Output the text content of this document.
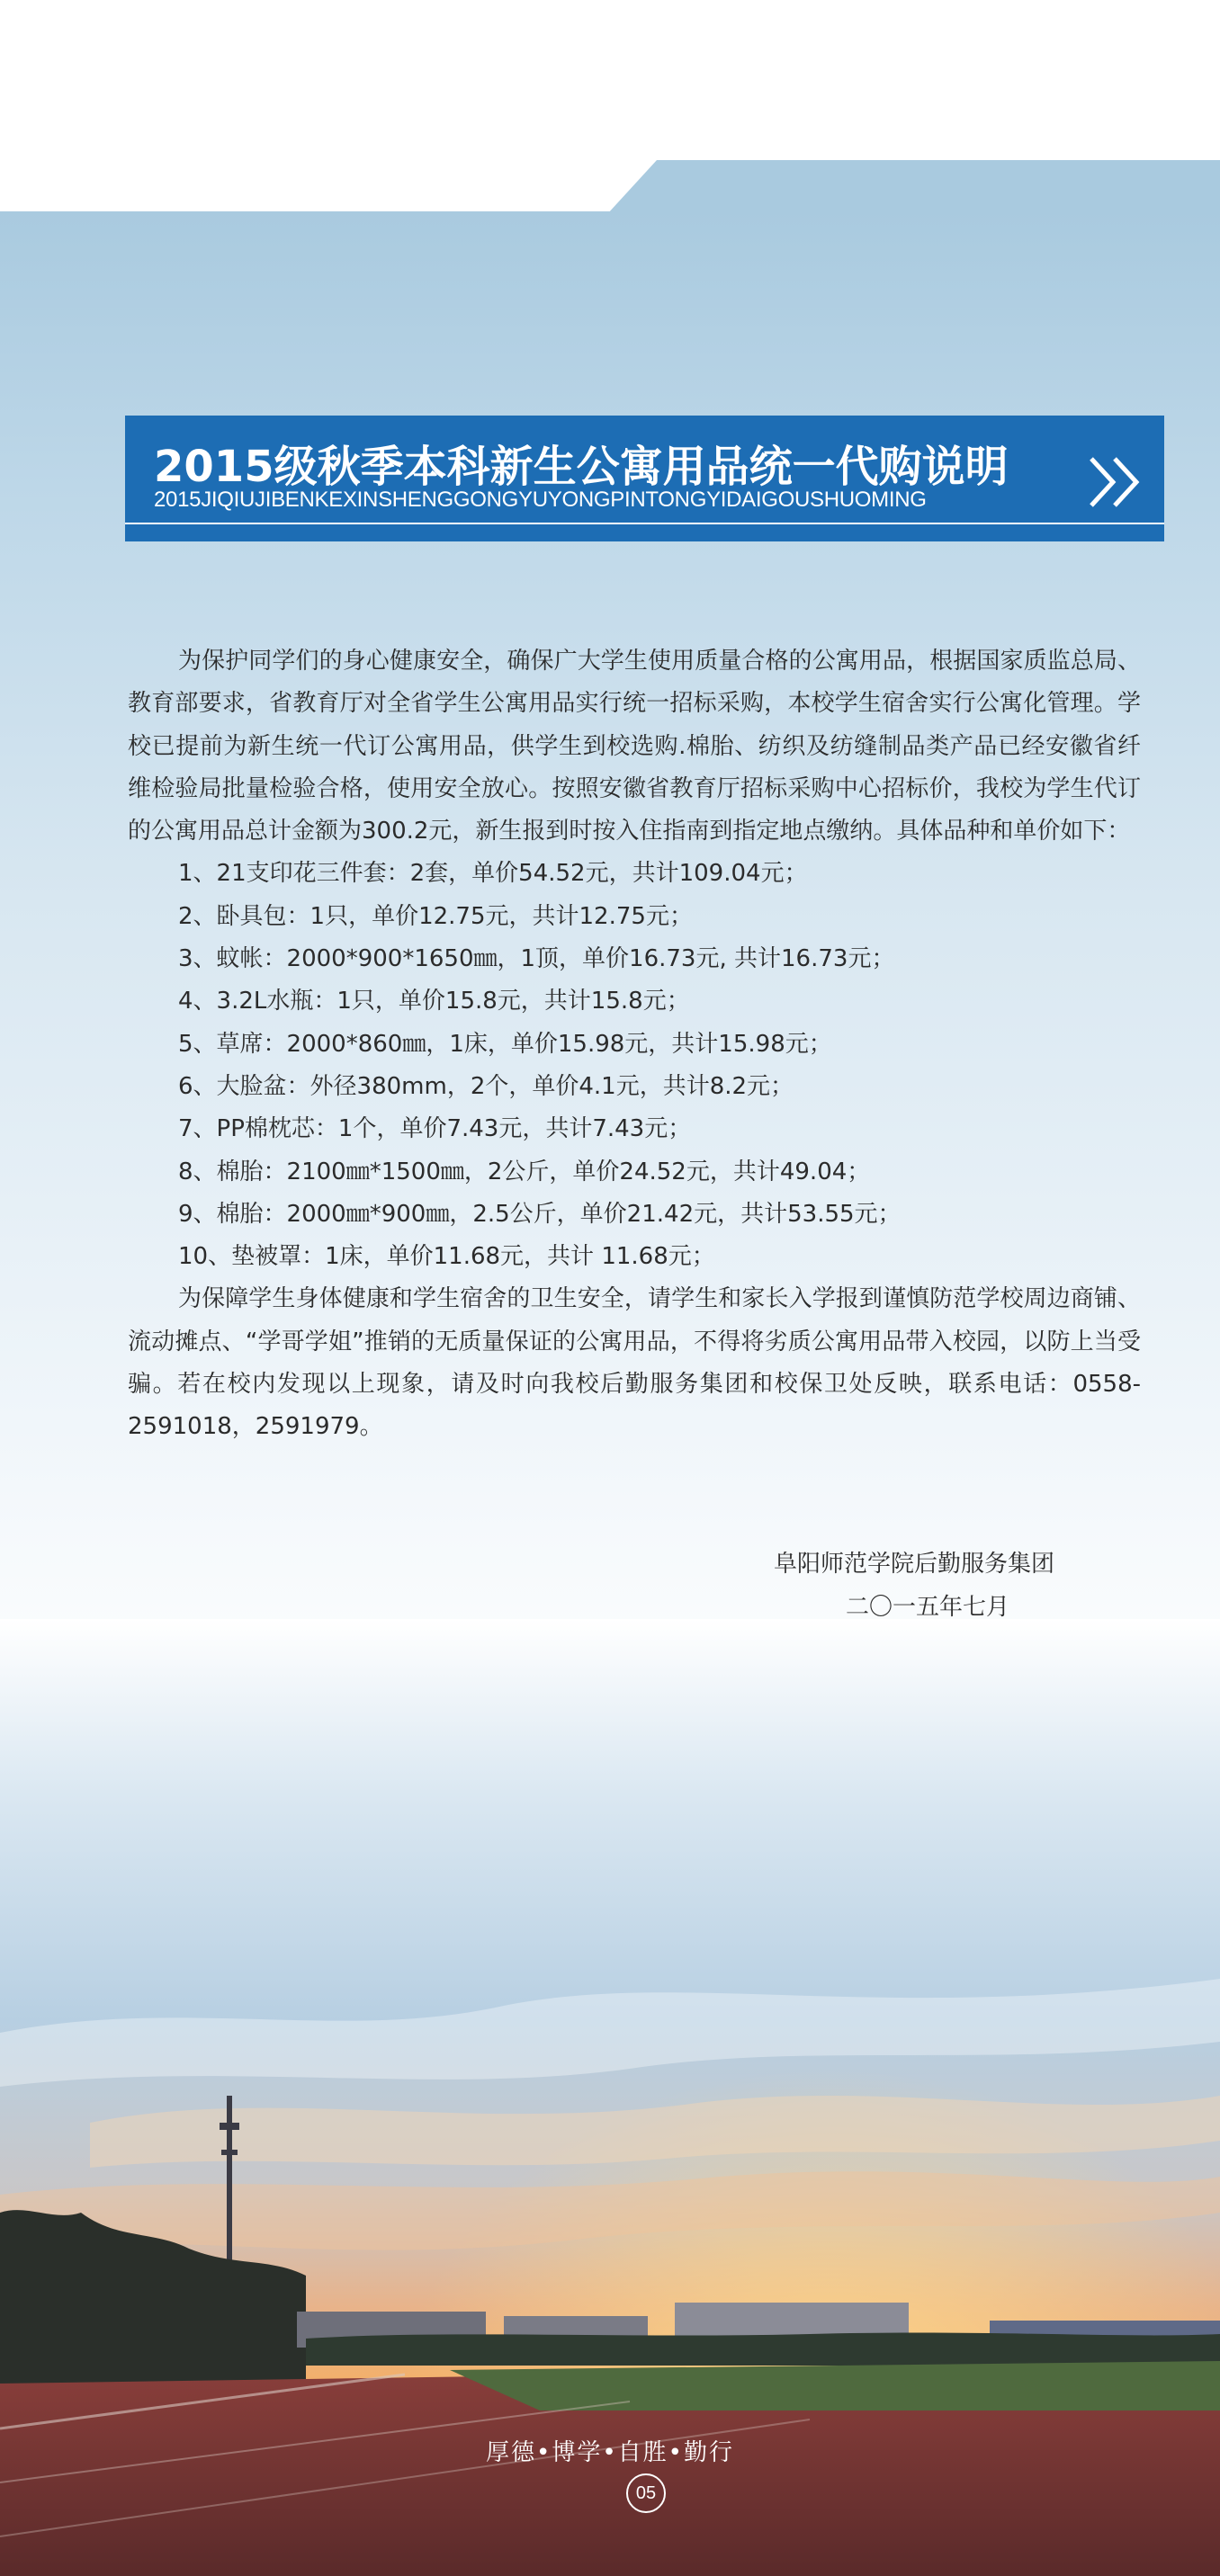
2015级秋季本科新生公寓用品统一代购说明
2015JIQIUJIBENKEXINSHENGGONGYUYONGPINTONGYIDAIGOUSHUOMING

为保护同学们的身心健康安全，确保广大学生使用质量合格的公寓用品，根据国家质监总局、教育部要求，省教育厅对全省学生公寓用品实行统一招标采购，本校学生宿舍实行公寓化管理。学校已提前为新生统一代订公寓用品，供学生到校选购.棉胎、纺织及纺缝制品类产品已经安徽省纤维检验局批量检验合格，使用安全放心。按照安徽省教育厅招标采购中心招标价，我校为学生代订的公寓用品总计金额为300.2元，新生报到时按入住指南到指定地点缴纳。具体品种和单价如下：

1、21支印花三件套：2套，单价54.52元，共计109.04元；

2、卧具包：1只，单价12.75元，共计12.75元；

3、蚊帐：2000*900*1650㎜，1顶，单价16.73元, 共计16.73元；

4、3.2L水瓶：1只，单价15.8元，共计15.8元；

5、草席：2000*860㎜，1床，单价15.98元，共计15.98元；

6、大脸盆：外径380mm，2个，单价4.1元，共计8.2元；

7、PP棉枕芯：1个，单价7.43元，共计7.43元；

8、棉胎：2100㎜*1500㎜，2公斤，单价24.52元，共计49.04；

9、棉胎：2000㎜*900㎜，2.5公斤，单价21.42元，共计53.55元；

10、垫被罩：1床，单价11.68元，共计 11.68元；

为保障学生身体健康和学生宿舍的卫生安全，请学生和家长入学报到谨慎防范学校周边商铺、流动摊点、“学哥学姐”推销的无质量保证的公寓用品，不得将劣质公寓用品带入校园，以防上当受骗。若在校内发现以上现象，请及时向我校后勤服务集团和校保卫处反映，联系电话：0558-2591018，2591979。

阜阳师范学院后勤服务集团
二〇一五年七月
厚德•博学•自胜•勤行
05
